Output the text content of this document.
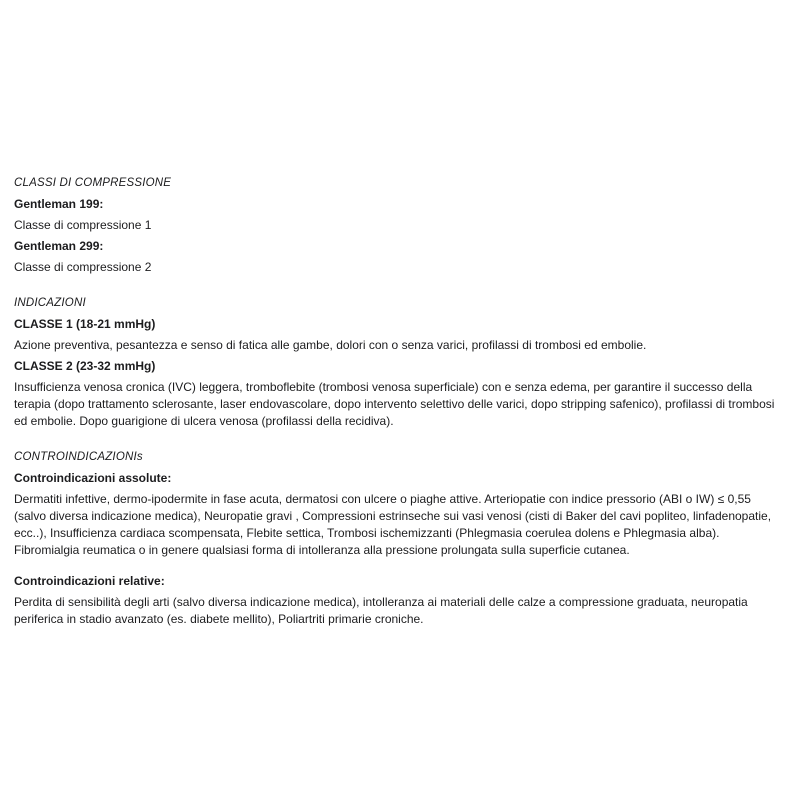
CLASSI DI COMPRESSIONE
Gentleman 199:
Classe di compressione 1
Gentleman 299:
Classe di compressione 2
INDICAZIONI
CLASSE 1 (18-21 mmHg)
Azione preventiva, pesantezza e senso di fatica alle gambe, dolori con o senza varici, profilassi di trombosi ed embolie.
CLASSE 2 (23-32 mmHg)
Insufficienza venosa cronica (IVC) leggera, tromboflebite (trombosi venosa superficiale) con e senza edema, per garantire il successo della terapia (dopo trattamento sclerosante, laser endovascolare, dopo intervento selettivo delle varici, dopo stripping safenico), profilassi di trombosi ed embolie. Dopo guarigione di ulcera venosa (profilassi della recidiva).
CONTROINDICAZIONIs
Controindicazioni assolute:
Dermatiti infettive, dermo-ipodermite in fase acuta, dermatosi con ulcere o piaghe attive. Arteriopatie con indice pressorio (ABI o IW) ≤ 0,55 (salvo diversa indicazione medica), Neuropatie gravi , Compressioni estrinseche sui vasi venosi (cisti di Baker del cavi popliteo, linfadenopatie, ecc..), Insufficienza cardiaca scompensata, Flebite settica, Trombosi ischemizzanti (Phlegmasia coerulea dolens e Phlegmasia alba). Fibromialgia reumatica o in genere qualsiasi forma di intolleranza alla pressione prolungata sulla superficie cutanea.
Controindicazioni relative:
Perdita di sensibilità degli arti (salvo diversa indicazione medica), intolleranza ai materiali delle calze a compressione graduata, neuropatia periferica in stadio avanzato (es. diabete mellito), Poliartriti primarie croniche.
